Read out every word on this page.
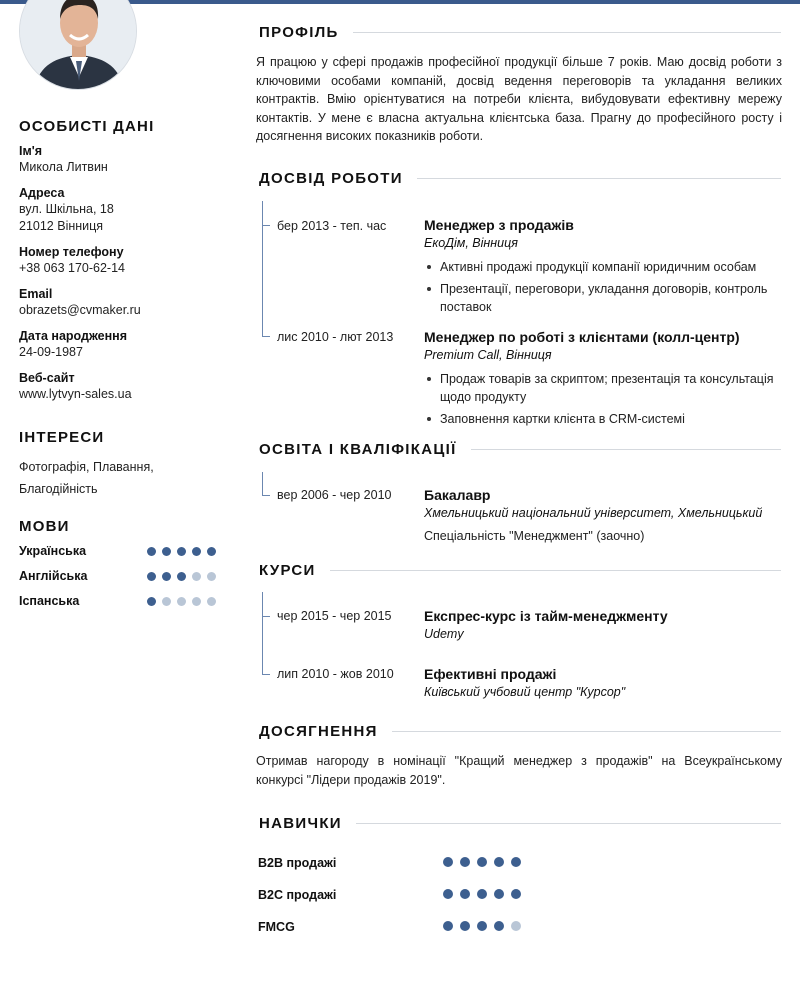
ОСОБИСТІ ДАНІ
Ім'я
Микола Литвин
Адреса
вул. Шкільна, 18
21012 Вінниця
Номер телефону
+38 063 170-62-14
Email
obrazets@cvmaker.ru
Дата народження
24-09-1987
Веб-сайт
www.lytvyn-sales.ua
ІНТЕРЕСИ
Фотографія, Плавання, Благодійність
МОВИ
Українська
Англійська
Іспанська
ПРОФІЛЬ
Я працюю у сфері продажів професійної продукції більше 7 років. Маю досвід роботи з ключовими особами компаній, досвід ведення переговорів та укладання великих контрактів. Вмію орієнтуватися на потреби клієнта, вибудовувати ефективну мережу контактів. У мене є власна актуальна клієнтська база. Прагну до професійного росту і досягнення високих показників роботи.
ДОСВІД РОБОТИ
бер 2013 - теп. час	Менеджер з продажів
ЕкоДім, Вінниця
Активні продажі продукції компанії юридичним особам
Презентації, переговори, укладання договорів, контроль поставок
лис 2010 - лют 2013 Менеджер по роботі з клієнтами (колл-центр)
Premium Call, Вінниця
Продаж товарів за скриптом; презентація та консультація щодо продукту
Заповнення картки клієнта в CRM-системі
ОСВІТА І КВАЛІФІКАЦІЇ
вер 2006 - чер 2010 Бакалавр
Хмельницький національний університет, Хмельницький
Спеціальність "Менеджмент" (заочно)
КУРСИ
чер 2015 - чер 2015 Експрес-курс із тайм-менеджменту
Udemy
лип 2010 - жов 2010 Ефективні продажі
Київський учбовий центр "Курсор"
ДОСЯГНЕННЯ
Отримав нагороду в номінації "Кращий менеджер з продажів" на Всеукраїнському конкурсі "Лідери продажів 2019".
НАВИЧКИ
B2B продажі
B2C продажі
FMCG
